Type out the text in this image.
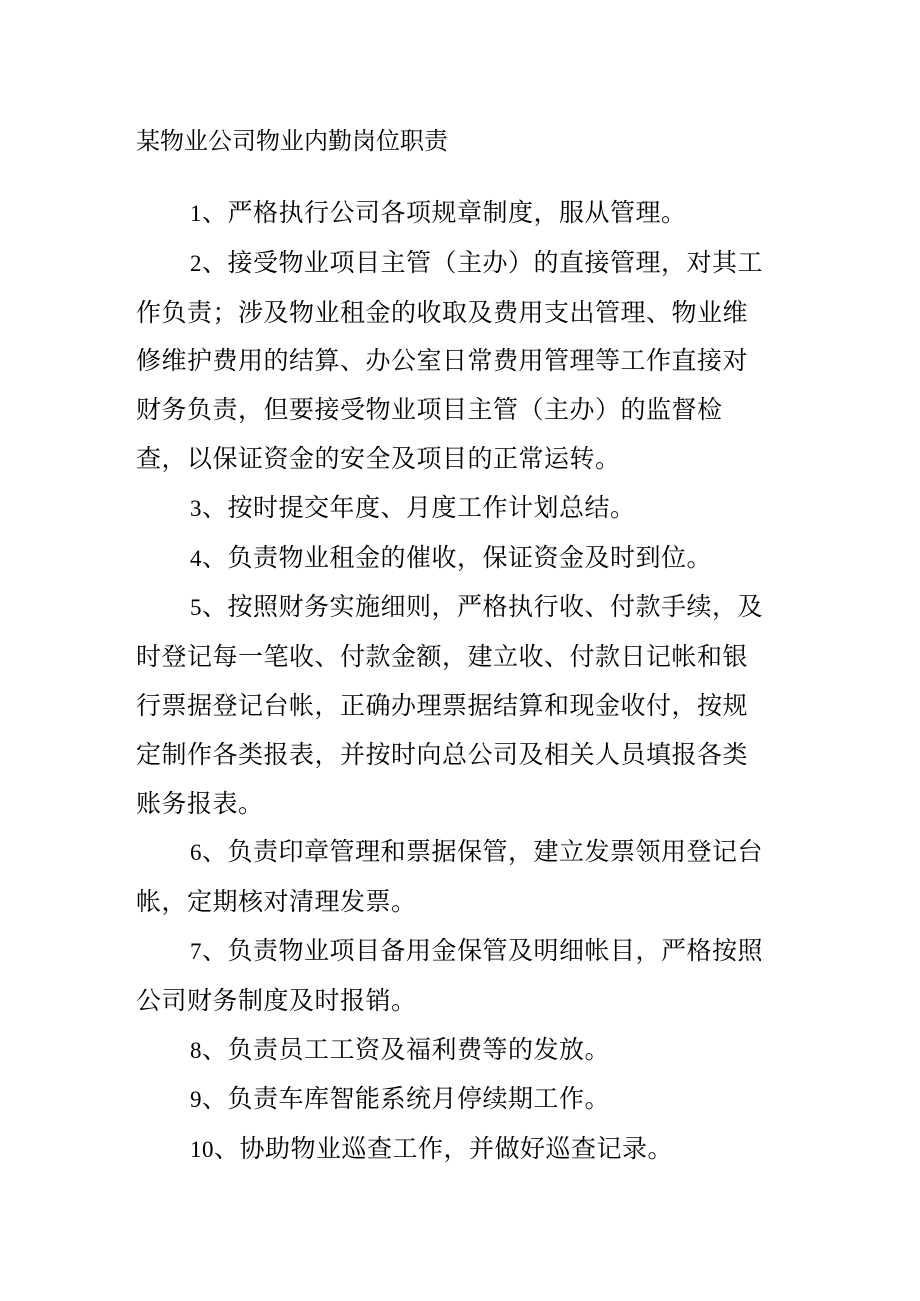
某物业公司物业内勤岗位职责

1、严格执行公司各项规章制度，服从管理。

2、接受物业项目主管（主办）的直接管理，对其工作负责；涉及物业租金的收取及费用支出管理、物业维修维护费用的结算、办公室日常费用管理等工作直接对财务负责，但要接受物业项目主管（主办）的监督检查，以保证资金的安全及项目的正常运转。

3、按时提交年度、月度工作计划总结。

4、负责物业租金的催收，保证资金及时到位。

5、按照财务实施细则，严格执行收、付款手续，及时登记每一笔收、付款金额，建立收、付款日记帐和银行票据登记台帐，正确办理票据结算和现金收付，按规定制作各类报表，并按时向总公司及相关人员填报各类账务报表。

6、负责印章管理和票据保管，建立发票领用登记台帐，定期核对清理发票。

7、负责物业项目备用金保管及明细帐目，严格按照公司财务制度及时报销。

8、负责员工工资及福利费等的发放。

9、负责车库智能系统月停续期工作。

10、协助物业巡查工作，并做好巡查记录。
